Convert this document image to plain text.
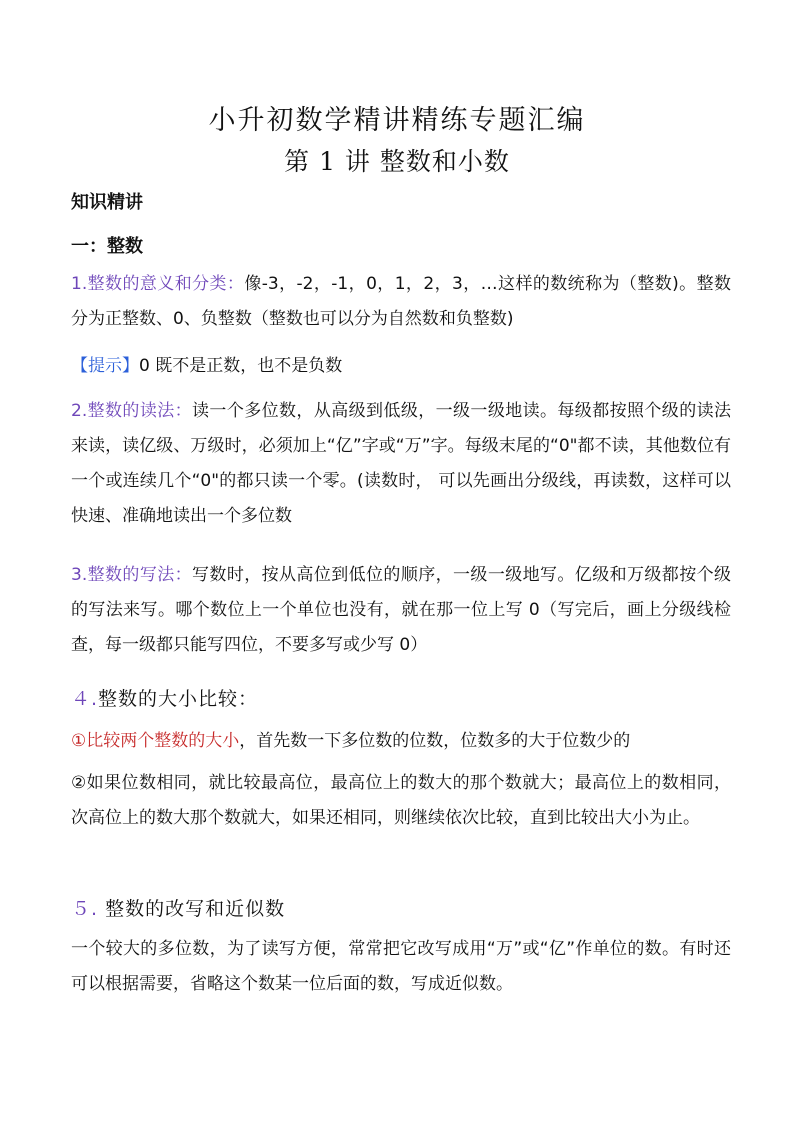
小升初数学精讲精练专题汇编
第 1 讲 整数和小数
知识精讲
一：整数
1.整数的意义和分类：像-3，-2，-1，0，1，2，3，…这样的数统称为（整数)。整数分为正整数、0、负整数（整数也可以分为自然数和负整数)
【提示】0 既不是正数，也不是负数
2.整数的读法：读一个多位数，从高级到低级，一级一级地读。每级都按照个级的读法来读，读亿级、万级时，必须加上“亿”字或“万”字。每级末尾的“0"都不读，其他数位有一个或连续几个“0"的都只读一个零。(读数时， 可以先画出分级线，再读数，这样可以快速、准确地读出一个多位数
3.整数的写法：写数时，按从高位到低位的顺序，一级一级地写。亿级和万级都按个级的写法来写。哪个数位上一个单位也没有，就在那一位上写 0（写完后，画上分级线检查，每一级都只能写四位，不要多写或少写 0）
４.整数的大小比较：
①比较两个整数的大小，首先数一下多位数的位数，位数多的大于位数少的
②如果位数相同，就比较最高位，最高位上的数大的那个数就大；最高位上的数相同，次高位上的数大那个数就大，如果还相同，则继续依次比较，直到比较出大小为止。
５. 整数的改写和近似数
一个较大的多位数，为了读写方便，常常把它改写成用“万”或“亿”作单位的数。有时还可以根据需要，省略这个数某一位后面的数，写成近似数。
